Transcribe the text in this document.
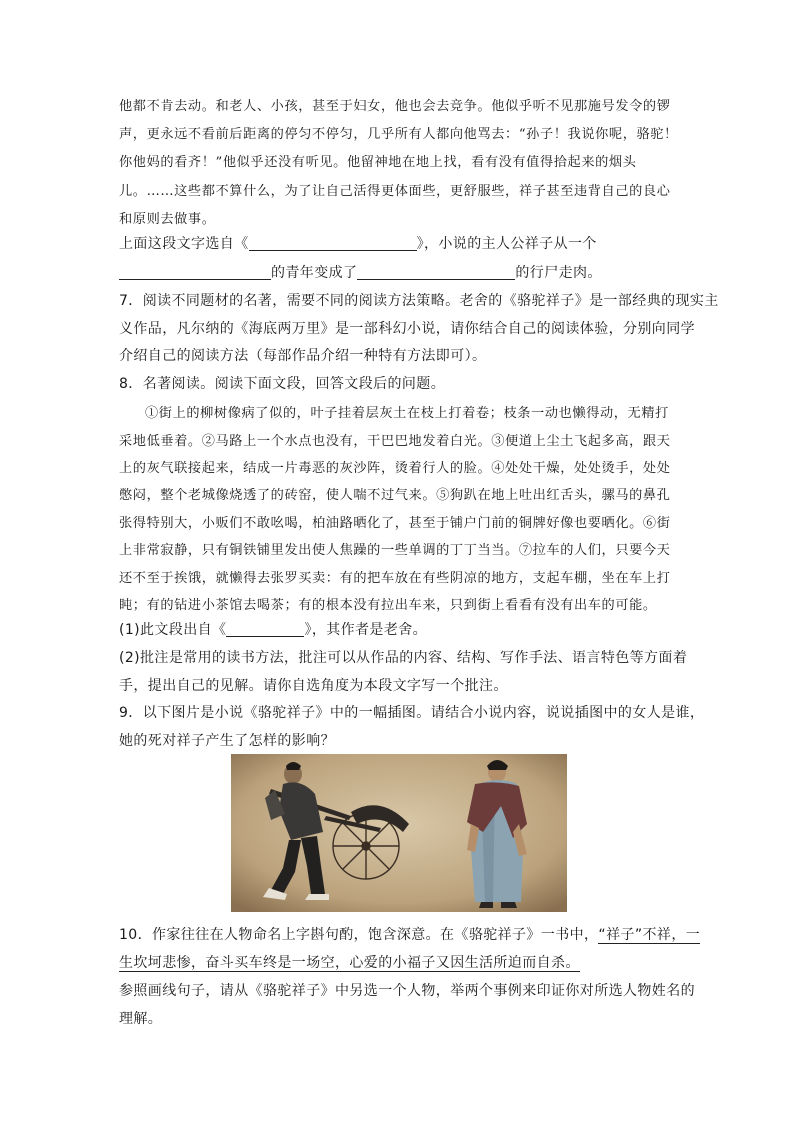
他都不肯去动。和老人、小孩，甚至于妇女，他也会去竞争。他似乎听不见那施号发令的锣
声，更永远不看前后距离的停匀不停匀，几乎所有人都向他骂去：“孙子！我说你呢，骆驼！
你他妈的看齐！”他似乎还没有听见。他留神地在地上找，看有没有值得拾起来的烟头
儿。……这些都不算什么，为了让自己活得更体面些，更舒服些，祥子甚至违背自己的良心
和原则去做事。
上面这段文字选自《	》，小说的主人公祥子从一个
的青年变成了	的行尸走肉。
7．阅读不同题材的名著，需要不同的阅读方法策略。老舍的《骆驼祥子》是一部经典的现实主
义作品，凡尔纳的《海底两万里》是一部科幻小说，请你结合自己的阅读体验，分别向同学
介绍自己的阅读方法（每部作品介绍一种特有方法即可）。
8．名著阅读。阅读下面文段，回答文段后的问题。
①街上的柳树像病了似的，叶子挂着层灰土在枝上打着卷；枝条一动也懒得动，无精打
采地低垂着。②马路上一个水点也没有，干巴巴地发着白光。③便道上尘土飞起多高，跟天
上的灰气联接起来，结成一片毒恶的灰沙阵，烫着行人的脸。④处处干燥，处处烫手，处处
憋闷，整个老城像烧透了的砖窑，使人喘不过气来。⑤狗趴在地上吐出红舌头，骡马的鼻孔
张得特别大，小贩们不敢吆喝，柏油路晒化了，甚至于铺户门前的铜牌好像也要晒化。⑥街
上非常寂静，只有铜铁铺里发出使人焦躁的一些单调的丁丁当当。⑦拉车的人们，只要今天
还不至于挨饿，就懒得去张罗买卖：有的把车放在有些阴凉的地方，支起车棚，坐在车上打
盹；有的钻进小茶馆去喝茶；有的根本没有拉出车来，只到街上看看有没有出车的可能。
(1)此文段出自《	》，其作者是老舍。
(2)批注是常用的读书方法，批注可以从作品的内容、结构、写作手法、语言特色等方面着
手，提出自己的见解。请你自选角度为本段文字写一个批注。
9．以下图片是小说《骆驼祥子》中的一幅插图。请结合小说内容，说说插图中的女人是谁，
她的死对祥子产生了怎样的影响？
10．作家往往在人物命名上字斟句酌，饱含深意。在《骆驼祥子》一书中，“祥子”不祥，一
生坎坷悲惨，奋斗买车终是一场空，心爱的小福子又因生活所迫而自杀。
参照画线句子，请从《骆驼祥子》中另选一个人物，举两个事例来印证你对所选人物姓名的
理解。
